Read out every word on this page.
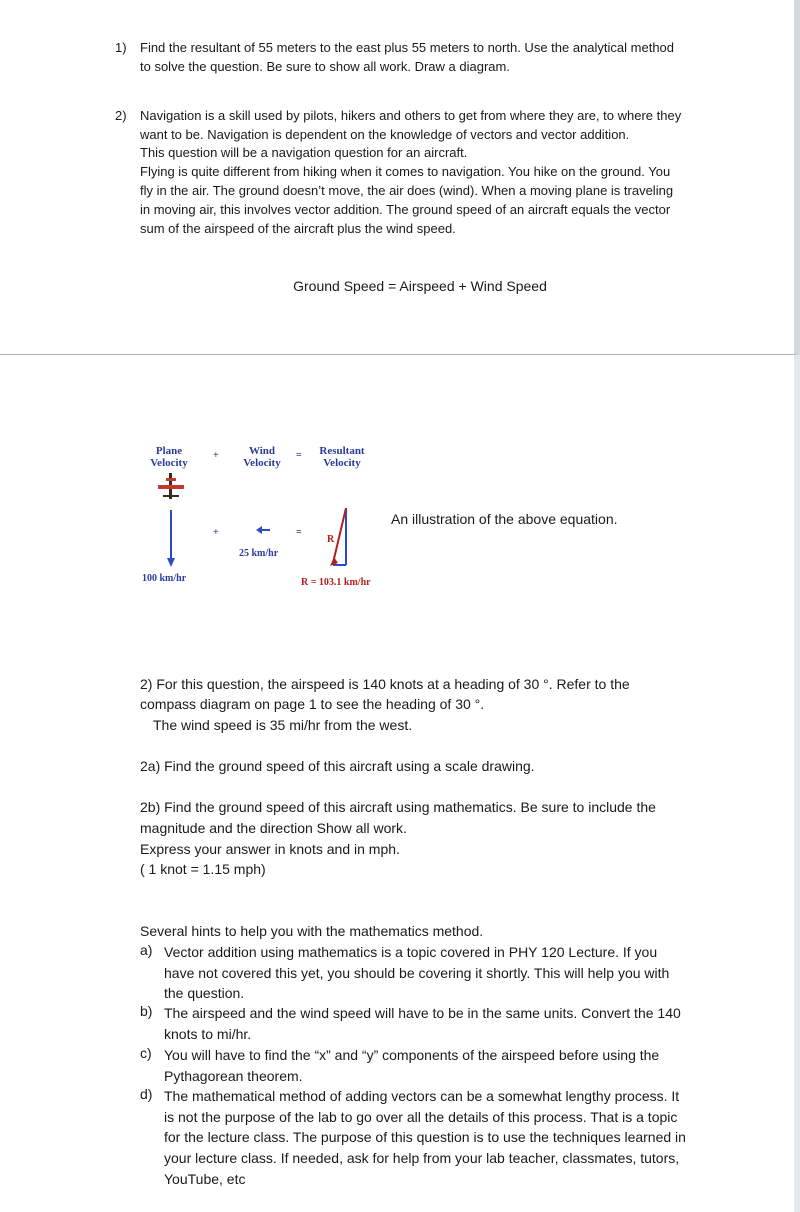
1) Find the resultant of 55 meters to the east plus 55 meters to north. Use the analytical method
to solve the question. Be sure to show all work. Draw a diagram.
2) Navigation is a skill used by pilots, hikers and others to get from where they are, to where they
want to be. Navigation is dependent on the knowledge of vectors and vector addition.
This question will be a navigation question for an aircraft.
Flying is quite different from hiking when it comes to navigation. You hike on the ground. You
fly in the air. The ground doesn’t move, the air does (wind). When a moving plane is traveling
in moving air, this involves vector addition. The ground speed of an aircraft equals the vector
sum of the airspeed of the aircraft plus the wind speed.
Ground Speed = Airspeed + Wind Speed
Plane
Velocity
+	Wind
Velocity
=	Resultant
Velocity
+	=
R
25 km/hr
100 km/hr	R = 103.1 km/hr
An illustration of the above equation.
2) For this question, the airspeed is 140 knots at a heading of 30 °. Refer to the
compass diagram on page 1 to see the heading of 30 °.
The wind speed is 35 mi/hr from the west.
2a) Find the ground speed of this aircraft using a scale drawing.
2b) Find the ground speed of this aircraft using mathematics. Be sure to include the
magnitude and the direction Show all work.
Express your answer in knots and in mph.
( 1 knot = 1.15 mph)
Several hints to help you with the mathematics method.
a) Vector addition using mathematics is a topic covered in PHY 120 Lecture. If you
have not covered this yet, you should be covering it shortly. This will help you with
the question.
b) The airspeed and the wind speed will have to be in the same units. Convert the 140
knots to mi/hr.
c) You will have to find the “x” and “y” components of the airspeed before using the
Pythagorean theorem.
d) The mathematical method of adding vectors can be a somewhat lengthy process. It
is not the purpose of the lab to go over all the details of this process. That is a topic
for the lecture class. The purpose of this question is to use the techniques learned in
your lecture class. If needed, ask for help from your lab teacher, classmates, tutors,
YouTube, etc
